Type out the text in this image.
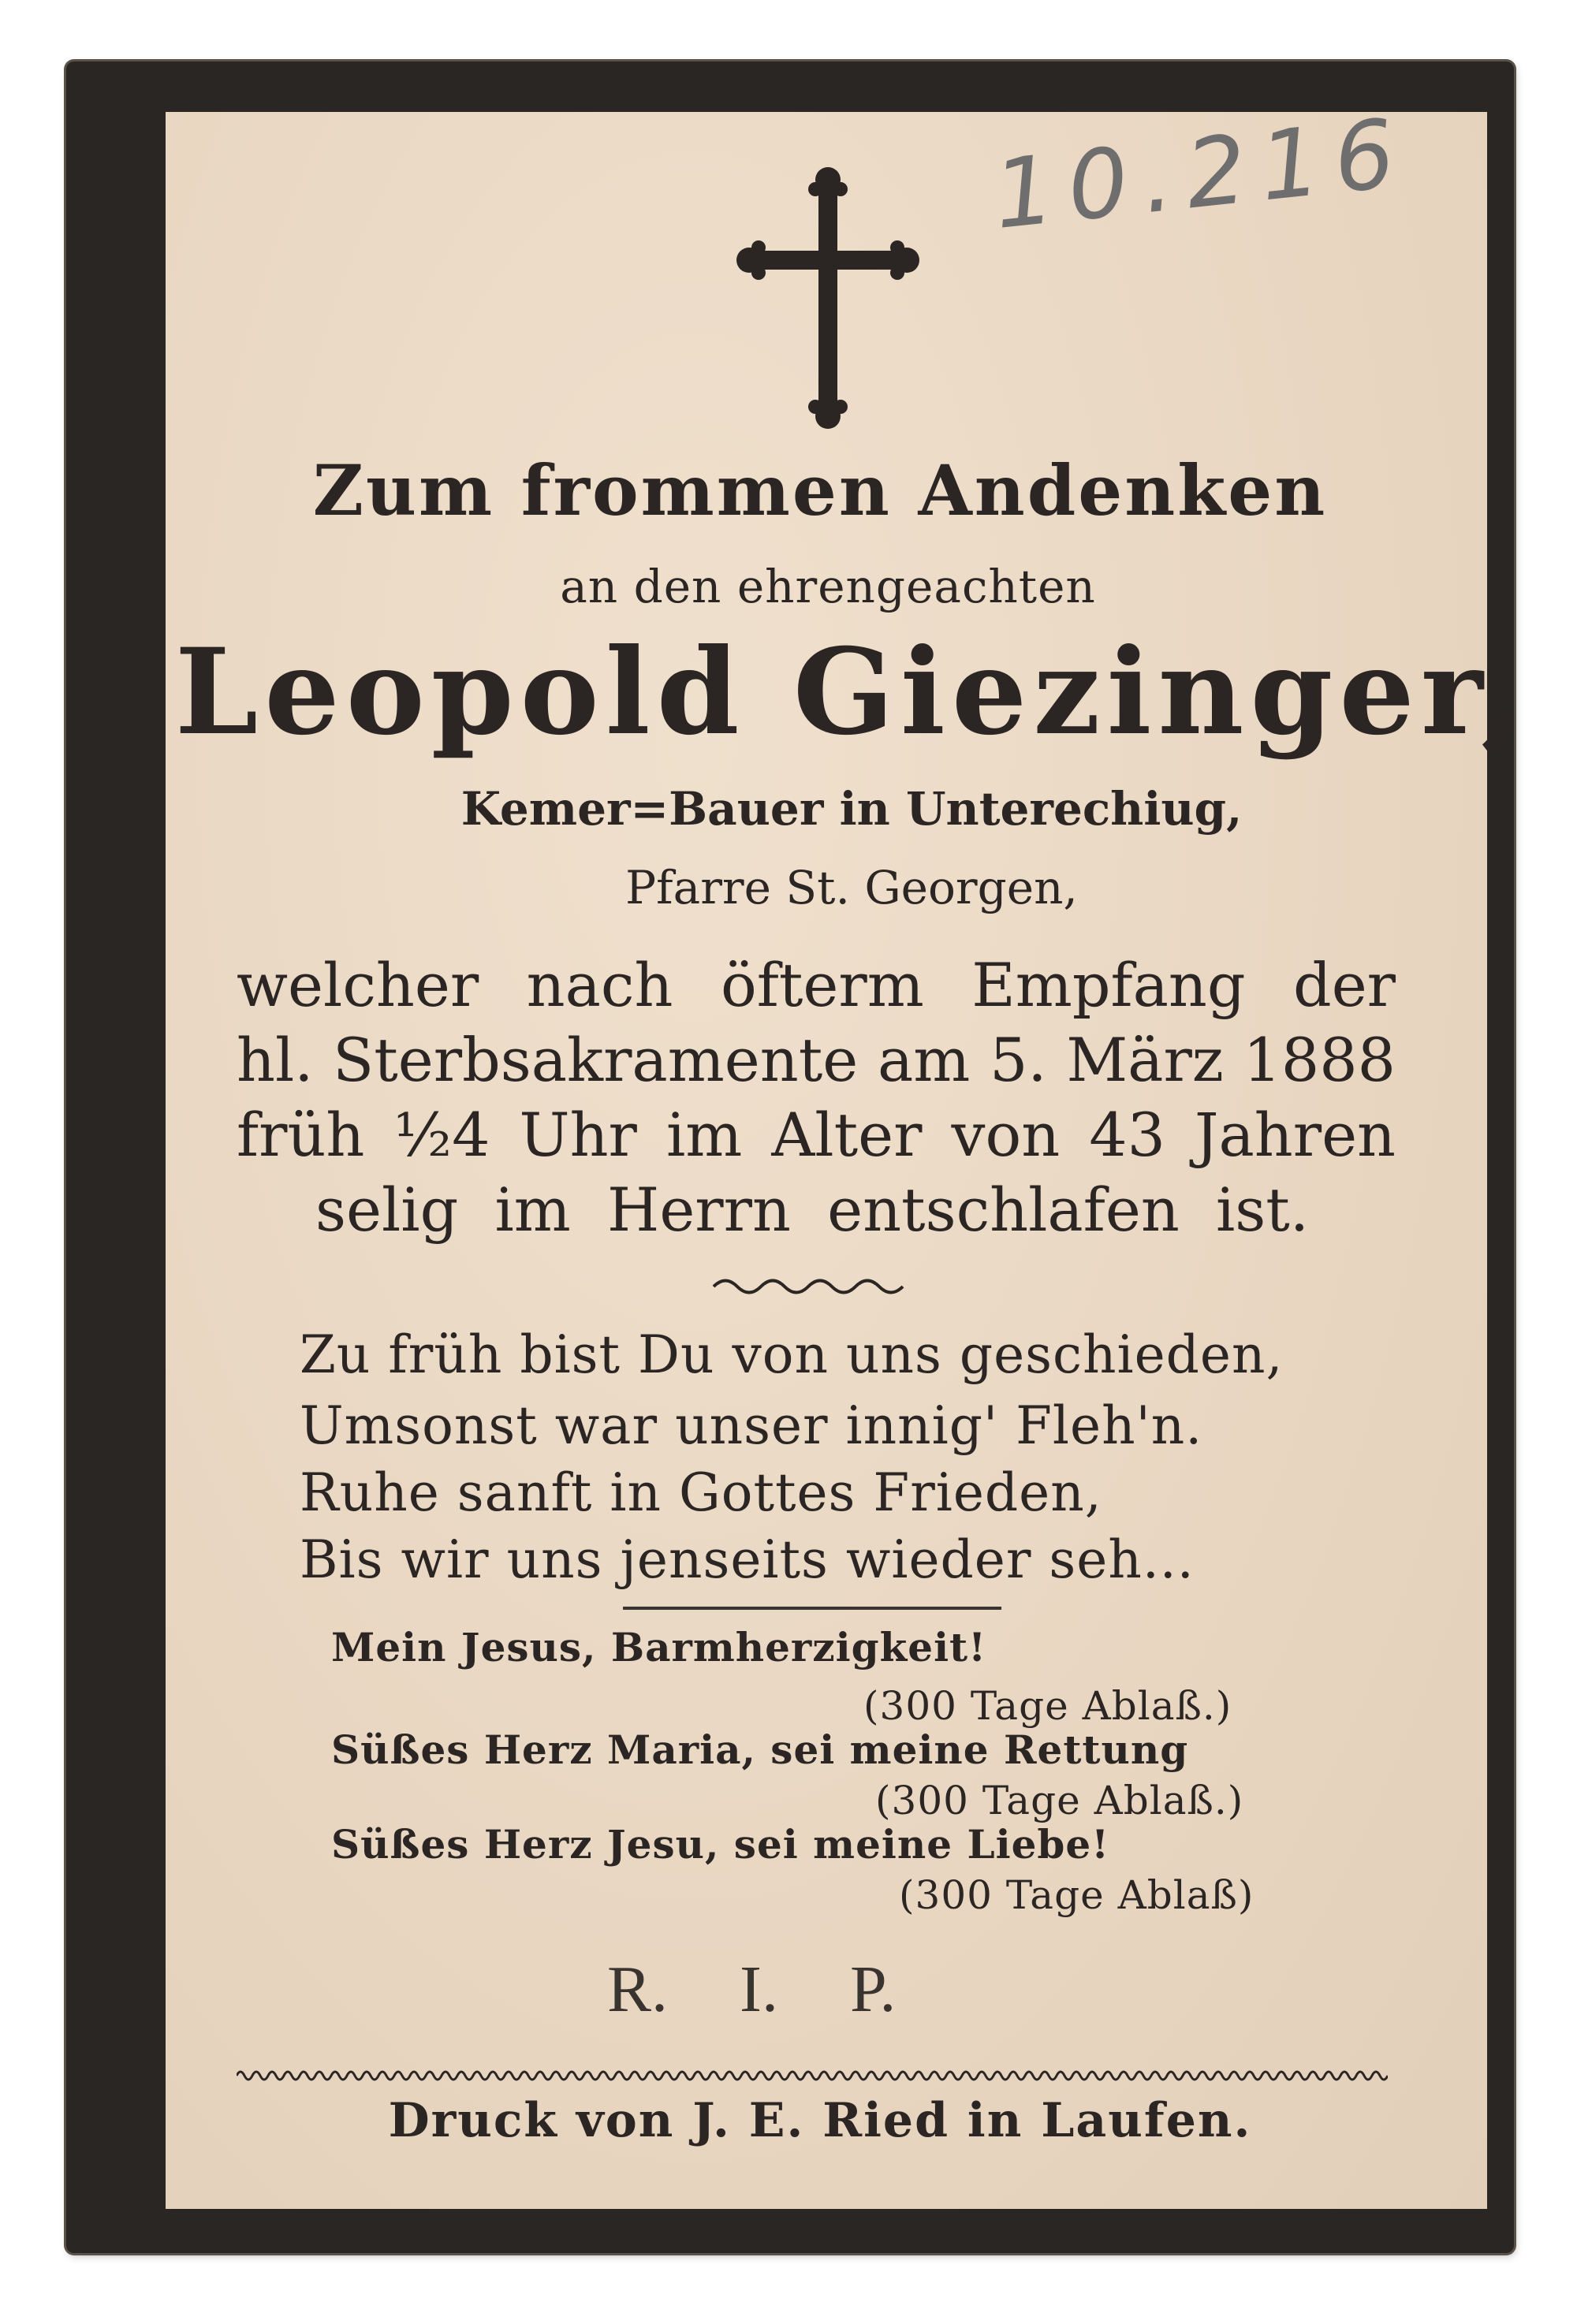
10.216
Zum frommen Andenken
an den ehrengeachten
Leopold Giezinger,
Kemer=Bauer in Unterechiug,
Pfarre St. Georgen,
welcher nach öfterm Empfang der
hl. Sterbsakramente am 5. März 1888
früh ½4 Uhr im Alter von 43 Jahren
selig im Herrn entschlafen ist.
Zu früh bist Du von uns geschieden,
Umsonst war unser innig' Fleh'n.
Ruhe sanft in Gottes Frieden,
Bis wir uns jenseits wieder seh...
Mein Jesus, Barmherzigkeit!
(300 Tage Ablaß.)
Süßes Herz Maria, sei meine Rettung
(300 Tage Ablaß.)
Süßes Herz Jesu, sei meine Liebe!
(300 Tage Ablaß)
R. I. P.
Druck von J. E. Ried in Laufen.
